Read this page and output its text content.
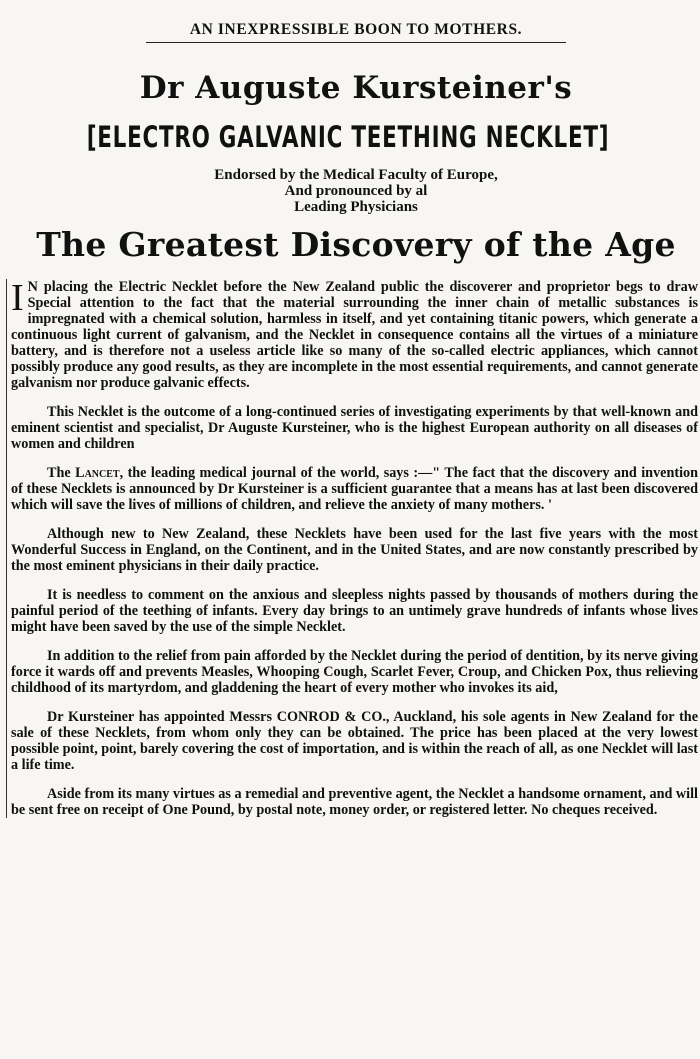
AN INEXPRESSIBLE BOON TO MOTHERS.
Dr Auguste Kursteiner's
[ELECTRO GALVANIC TEETHING NECKLET]
Endorsed by the Medical Faculty of Europe,
And pronounced by al
Leading Physicians
The Greatest Discovery of the Age

I N placing the Electric Necklet before the New Zealand public the discoverer and proprietor begs to draw Special attention to the fact that the material surrounding the inner chain of metallic substances is impregnated with a chemical solution, harmless in itself, and yet containing titanic powers, which generate a continuous light current of galvanism, and the Necklet in consequence contains all the virtues of a miniature battery, and is therefore not a useless article like so many of the so-called electric appliances, which cannot possibly produce any good results, as they are incomplete in the most essential requirements, and cannot generate galvanism nor produce galvanic effects.

This Necklet is the outcome of a long-continued series of investigating experiments by that well-known and eminent scientist and specialist, Dr Auguste Kursteiner, who is the highest European authority on all diseases of women and children

The Lancet, the leading medical journal of the world, says :—" The fact that the discovery and invention of these Necklets is announced by Dr Kursteiner is a sufficient guarantee that a means has at last been discovered which will save the lives of millions of children, and relieve the anxiety of many mothers. '

Although new to New Zealand, these Necklets have been used for the last five years with the most Wonderful Success in England, on the Continent, and in the United States, and are now constantly prescribed by the most eminent physicians in their daily practice.

It is needless to comment on the anxious and sleepless nights passed by thousands of mothers during the painful period of the teething of infants. Every day brings to an untimely grave hundreds of infants whose lives might have been saved by the use of the simple Necklet.

In addition to the relief from pain afforded by the Necklet during the period of dentition, by its nerve giving force it wards off and prevents Measles, Whooping Cough, Scarlet Fever, Croup, and Chicken Pox, thus relieving childhood of its martyrdom, and gladdening the heart of every mother who invokes its aid,

Dr Kursteiner has appointed Messrs CONROD & CO., Auckland, his sole agents in New Zealand for the sale of these Necklets, from whom only they can be obtained. The price has been placed at the very lowest possible point, point, barely covering the cost of importation, and is within the reach of all, as one Necklet will last a life time.

Aside from its many virtues as a remedial and preventive agent, the Necklet a handsome ornament, and will be sent free on receipt of One Pound, by postal note, money order, or registered letter. No cheques received.
